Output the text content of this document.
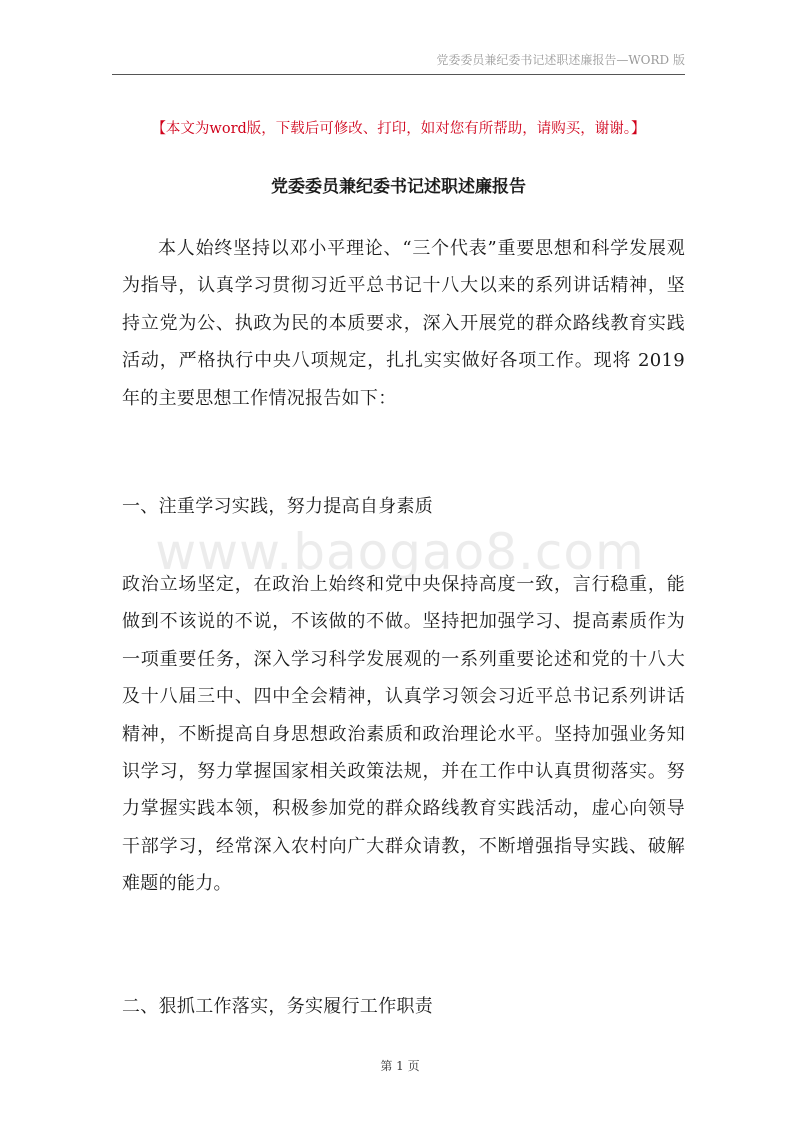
党委委员兼纪委书记述职述廉报告—WORD 版
【本文为word版，下载后可修改、打印，如对您有所帮助，请购买，谢谢。】
党委委员兼纪委书记述职述廉报告

本人始终坚持以邓小平理论、“三个代表”重要思想和科学发展观为指导，认真学习贯彻习近平总书记十八大以来的系列讲话精神，坚持立党为公、执政为民的本质要求，深入开展党的群众路线教育实践活动，严格执行中央八项规定，扎扎实实做好各项工作。现将 2019 年的主要思想工作情况报告如下：

一、注重学习实践，努力提高自身素质

www.baogao8.com

政治立场坚定，在政治上始终和党中央保持高度一致，言行稳重，能做到不该说的不说，不该做的不做。坚持把加强学习、提高素质作为一项重要任务，深入学习科学发展观的一系列重要论述和党的十八大及十八届三中、四中全会精神，认真学习领会习近平总书记系列讲话精神，不断提高自身思想政治素质和政治理论水平。坚持加强业务知识学习，努力掌握国家相关政策法规，并在工作中认真贯彻落实。努力掌握实践本领，积极参加党的群众路线教育实践活动，虚心向领导干部学习，经常深入农村向广大群众请教，不断增强指导实践、破解难题的能力。

二、狠抓工作落实，务实履行工作职责

第 1 页
